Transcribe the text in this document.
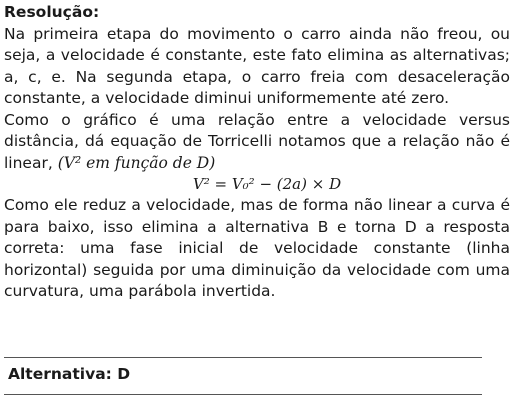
Resolução:

Na primeira etapa do movimento o carro ainda não freou, ou seja, a velocidade é constante, este fato elimina as alternativas; a, c, e. Na segunda etapa, o carro freia com desaceleração constante, a velocidade diminui uniformemente até zero.

Como o gráfico é uma relação entre a velocidade versus distância, dá equação de Torricelli notamos que a relação não é linear, (V² em função de D)

V² = V₀² − (2a) × D

Como ele reduz a velocidade, mas de forma não linear a curva é para baixo, isso elimina a alternativa B e torna D a resposta correta: uma fase inicial de velocidade constante (linha horizontal) seguida por uma diminuição da velocidade com uma curvatura, uma parábola invertida.

Alternativa: D
